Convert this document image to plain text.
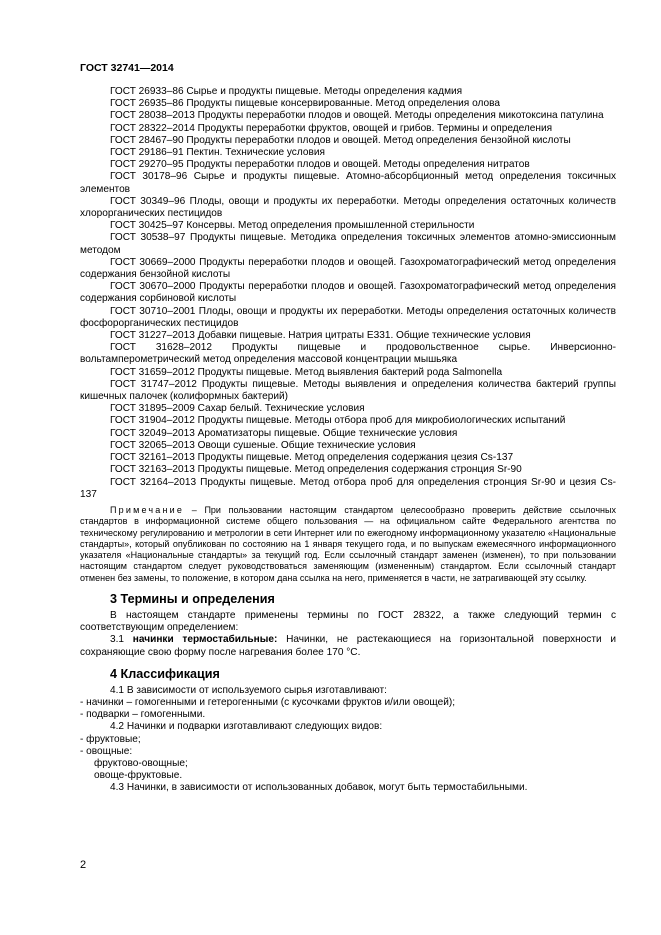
ГОСТ 32741—2014

ГОСТ 26933–86 Сырье и продукты пищевые. Методы определения кадмия

ГОСТ 26935–86 Продукты пищевые консервированные. Метод определения олова

ГОСТ 28038–2013 Продукты переработки плодов и овощей. Методы определения микотоксина патулина

ГОСТ 28322–2014 Продукты переработки фруктов, овощей и грибов. Термины и определения

ГОСТ 28467–90 Продукты переработки плодов и овощей. Метод определения бензойной кислоты

ГОСТ 29186–91 Пектин. Технические условия

ГОСТ 29270–95 Продукты переработки плодов и овощей. Методы определения нитратов

ГОСТ 30178–96 Сырье и продукты пищевые. Атомно-абсорбционный метод определения токсичных элементов

ГОСТ 30349–96 Плоды, овощи и продукты их переработки. Методы определения остаточных количеств хлорорганических пестицидов

ГОСТ 30425–97 Консервы. Метод определения промышленной стерильности

ГОСТ 30538–97 Продукты пищевые. Методика определения токсичных элементов атомно-эмиссионным методом

ГОСТ 30669–2000 Продукты переработки плодов и овощей. Газохроматографический метод определения содержания бензойной кислоты

ГОСТ 30670–2000 Продукты переработки плодов и овощей. Газохроматографический метод определения содержания сорбиновой кислоты

ГОСТ 30710–2001 Плоды, овощи и продукты их переработки. Методы определения остаточных количеств фосфорорганических пестицидов

ГОСТ 31227–2013 Добавки пищевые. Натрия цитраты Е331. Общие технические условия

ГОСТ 31628–2012 Продукты пищевые и продовольственное сырье. Инверсионно-вольтамперометрический метод определения массовой концентрации мышьяка

ГОСТ 31659–2012 Продукты пищевые. Метод выявления бактерий рода Salmonella

ГОСТ 31747–2012 Продукты пищевые. Методы выявления и определения количества бактерий группы кишечных палочек (колиформных бактерий)

ГОСТ 31895–2009 Сахар белый. Технические условия

ГОСТ 31904–2012 Продукты пищевые. Методы отбора проб для микробиологических испытаний

ГОСТ 32049–2013 Ароматизаторы пищевые. Общие технические условия

ГОСТ 32065–2013 Овощи сушеные. Общие технические условия

ГОСТ 32161–2013 Продукты пищевые. Метод определения содержания цезия Cs-137

ГОСТ 32163–2013 Продукты пищевые. Метод определения содержания стронция Sr-90

ГОСТ 32164–2013 Продукты пищевые. Метод отбора проб для определения стронция Sr-90 и цезия Cs-137

Примечание – При пользовании настоящим стандартом целесообразно проверить действие ссылочных стандартов в информационной системе общего пользования — на официальном сайте Федерального агентства по техническому регулированию и метрологии в сети Интернет или по ежегодному информационному указателю «Национальные стандарты», который опубликован по состоянию на 1 января текущего года, и по выпускам ежемесячного информационного указателя «Национальные стандарты» за текущий год. Если ссылочный стандарт заменен (изменен), то при пользовании настоящим стандартом следует руководствоваться заменяющим (измененным) стандартом. Если ссылочный стандарт отменен без замены, то положение, в котором дана ссылка на него, применяется в части, не затрагивающей эту ссылку.

3 Термины и определения

В настоящем стандарте применены термины по ГОСТ 28322, а также следующий термин с соответствующим определением:

3.1 начинки термостабильные: Начинки, не растекающиеся на горизонтальной поверхности и сохраняющие свою форму после нагревания более 170 °С.

4 Классификация

4.1 В зависимости от используемого сырья изготавливают:

- начинки – гомогенными и гетерогенными (с кусочками фруктов и/или овощей);

- подварки – гомогенными.

4.2 Начинки и подварки изготавливают следующих видов:

- фруктовые;

- овощные:

фруктово-овощные;

овоще-фруктовые.

4.3 Начинки, в зависимости от использованных добавок, могут быть термостабильными.

2
